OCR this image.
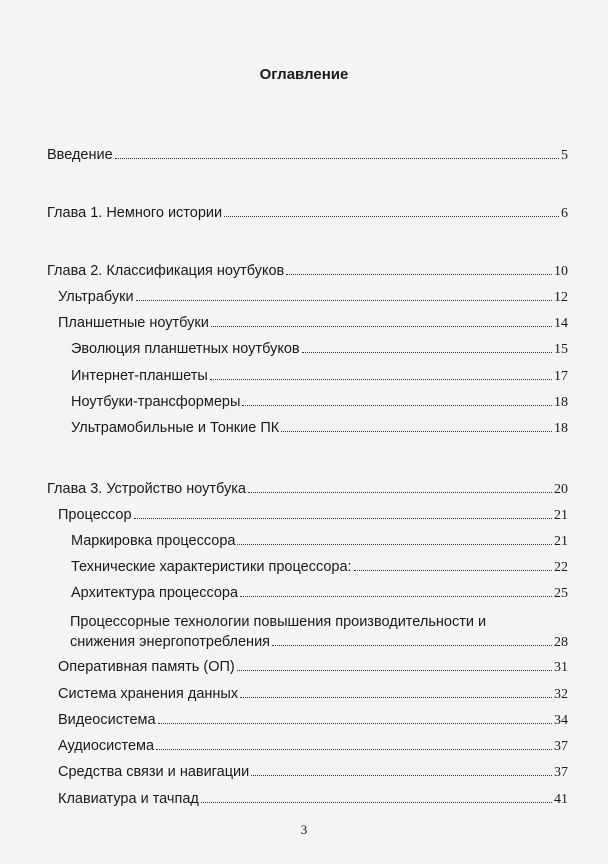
Оглавление
Введение	5
Глава 1. Немного истории	6
Глава 2. Классификация ноутбуков	10
Ультрабуки	12
Планшетные ноутбуки	14
Эволюция планшетных ноутбуков	15
Интернет-планшеты	17
Ноутбуки-трансформеры	18
Ультрамобильные и Тонкие ПК	18
Глава 3. Устройство ноутбука	20
Процессор	21
Маркировка процессора	21
Технические характеристики процессора:	22
Архитектура процессора	25
Процессорные технологии повышения производительности и
снижения энергопотребления	28
Оперативная память (ОП)	31
Система хранения данных	32
Видеосистема	34
Аудиосистема	37
Средства связи и навигации	37
Клавиатура и тачпад	41
3
